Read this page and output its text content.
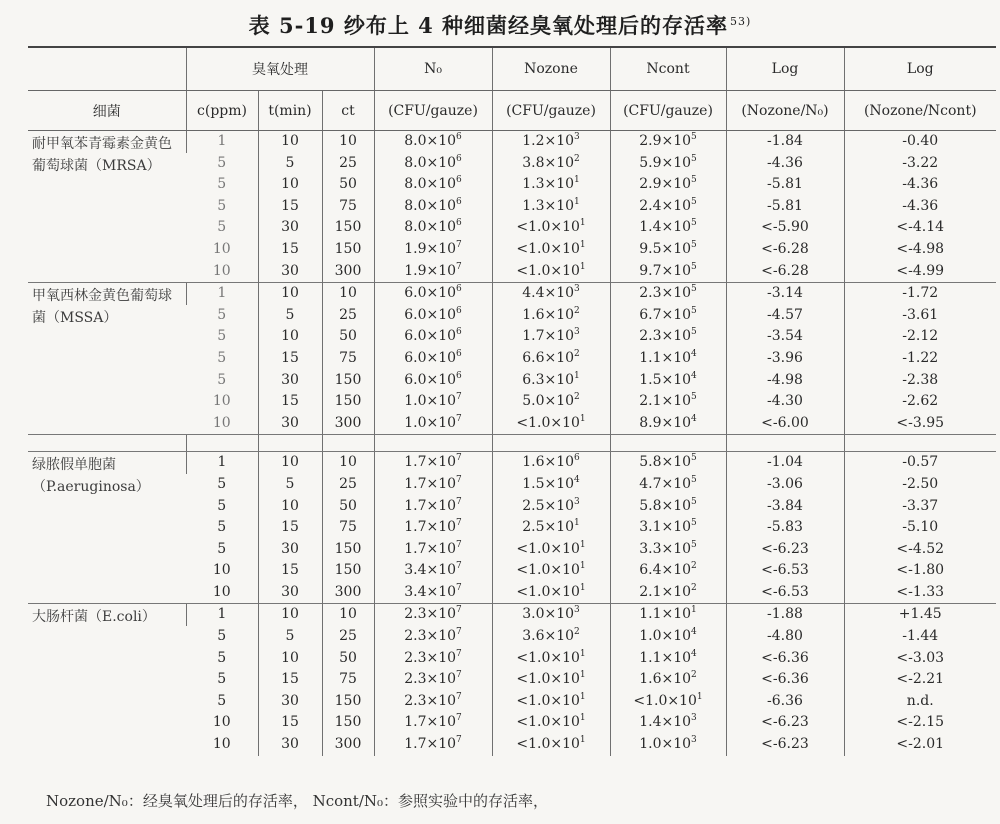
表 5-19 纱布上 4 种细菌经臭氧处理后的存活率 $^{53)}$
	臭氧处理			N₀	Nozone	Ncont	Log	Log
细菌	c(ppm)	t(min)	ct	(CFU/gauze)	(CFU/gauze)	(CFU/gauze)	(Nozone/N₀)	(Nozone/Ncont)
耐甲氧苯青霉素金黄色葡萄球菌（MRSA）	1	10	10	$8.0\times 10^6$	$1.2\times 10^3$	$2.9\times 10^5$	-1.84	-0.40
	5	5	25	$8.0\times 10^6$	$3.8\times 10^2$	$5.9\times 10^5$	-4.36	-3.22
	5	10	50	$8.0\times 10^6$	$1.3\times 10^1$	$2.9\times 10^5$	-5.81	-4.36
	5	15	75	$8.0\times 10^6$	$1.3\times 10^1$	$2.4\times 10^5$	-5.81	-4.36
	5	30	150	$8.0\times 10^6$	$<1.0\times 10^1$	$1.4\times 10^5$	<-5.90	<-4.14
	10	15	150	$1.9\times 10^7$	$<1.0\times 10^1$	$9.5\times 10^5$	<-6.28	<-4.98
	10	30	300	$1.9\times 10^7$	$<1.0\times 10^1$	$9.7\times 10^5$	<-6.28	<-4.99
甲氧西林金黄色葡萄球菌（MSSA）	1	10	10	$6.0\times 10^6$	$4.4\times 10^3$	$2.3\times 10^5$	-3.14	-1.72
	5	5	25	$6.0\times 10^6$	$1.6\times 10^2$	$6.7\times 10^5$	-4.57	-3.61
	5	10	50	$6.0\times 10^6$	$1.7\times 10^3$	$2.3\times 10^5$	-3.54	-2.12
	5	15	75	$6.0\times 10^6$	$6.6\times 10^2$	$1.1\times 10^4$	-3.96	-1.22
	5	30	150	$6.0\times 10^6$	$6.3\times 10^1$	$1.5\times 10^4$	-4.98	-2.38
	10	15	150	$1.0\times 10^7$	$5.0\times 10^2$	$2.1\times 10^5$	-4.30	-2.62
	10	30	300	$1.0\times 10^7$	$<1.0\times 10^1$	$8.9\times 10^4$	<-6.00	<-3.95

绿脓假单胞菌（P.aeruginosa）	1	10	10	$1.7\times 10^7$	$1.6\times 10^6$	$5.8\times 10^5$	-1.04	-0.57
	5	5	25	$1.7\times 10^7$	$1.5\times 10^4$	$4.7\times 10^5$	-3.06	-2.50
	5	10	50	$1.7\times 10^7$	$2.5\times 10^3$	$5.8\times 10^5$	-3.84	-3.37
	5	15	75	$1.7\times 10^7$	$2.5\times 10^1$	$3.1\times 10^5$	-5.83	-5.10
	5	30	150	$1.7\times 10^7$	$<1.0\times 10^1$	$3.3\times 10^5$	<-6.23	<-4.52
	10	15	150	$3.4\times 10^7$	$<1.0\times 10^1$	$6.4\times 10^2$	<-6.53	<-1.80
	10	30	300	$3.4\times 10^7$	$<1.0\times 10^1$	$2.1\times 10^2$	<-6.53	<-1.33
大肠杆菌（E.coli）	1	10	10	$2.3\times 10^7$	$3.0\times 10^3$	$1.1\times 10^1$	-1.88	+1.45
	5	5	25	$2.3\times 10^7$	$3.6\times 10^2$	$1.0\times 10^4$	-4.80	-1.44
	5	10	50	$2.3\times 10^7$	$<1.0\times 10^1$	$1.1\times 10^4$	<-6.36	<-3.03
	5	15	75	$2.3\times 10^7$	$<1.0\times 10^1$	$1.6\times 10^2$	<-6.36	<-2.21
	5	30	150	$2.3\times 10^7$	$<1.0\times 10^1$	$<1.0\times 10^1$	-6.36	n.d.
	10	15	150	$1.7\times 10^7$	$<1.0\times 10^1$	$1.4\times 10^3$	<-6.23	<-2.15
	10	30	300	$1.7\times 10^7$	$<1.0\times 10^1$	$1.0\times 10^3$	<-6.23	<-2.01
Nozone/N₀：经臭氧处理后的存活率， Ncont/N₀：参照实验中的存活率，
